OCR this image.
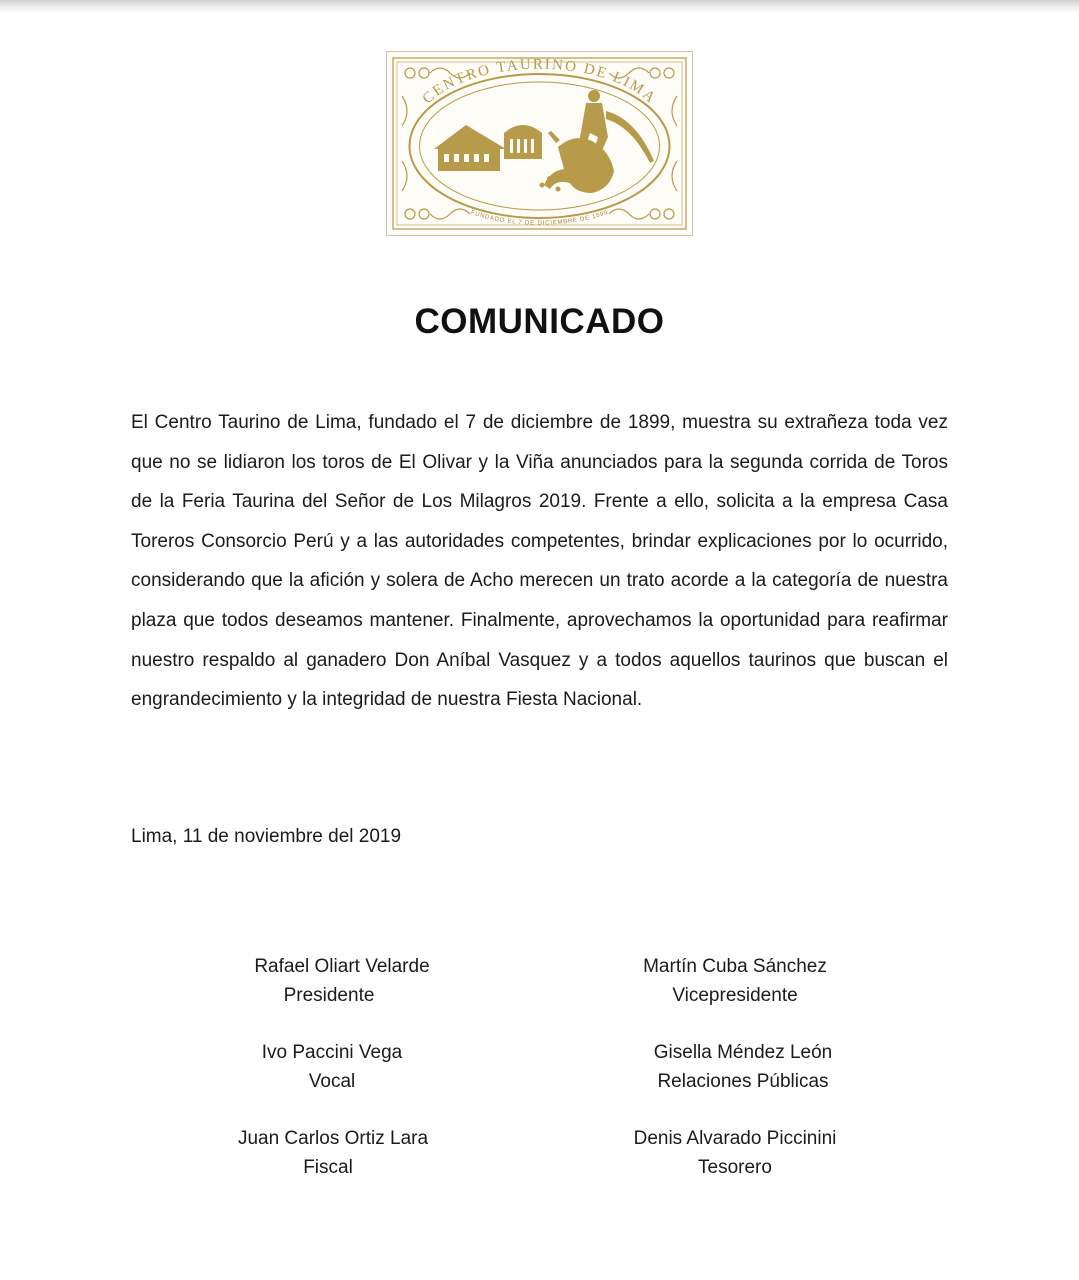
CENTRO TAURINO DE LIMA
FUNDADO EL 7 DE DICIEMBRE DE 1899
COMUNICADO

El Centro Taurino de Lima, fundado el 7 de diciembre de 1899, muestra su extrañeza toda vez que no se lidiaron los toros de El Olivar y la Viña anunciados para la segunda corrida de Toros de la Feria Taurina del Señor de Los Milagros 2019. Frente a ello, solicita a la empresa Casa Toreros Consorcio Perú y a las autoridades competentes, brindar explicaciones por lo ocurrido, considerando que la afición y solera de Acho merecen un trato acorde a la categoría de nuestra plaza que todos deseamos mantener. Finalmente, aprovechamos la oportunidad para reafirmar nuestro respaldo al ganadero Don Aníbal Vasquez y a todos aquellos taurinos que buscan el engrandecimiento y la integridad de nuestra Fiesta Nacional.

Lima, 11 de noviembre del 2019
Rafael Oliart Velarde
Presidente
Martín Cuba Sánchez
Vicepresidente
Ivo Paccini Vega
Vocal
Gisella Méndez León
Relaciones Públicas
Juan Carlos Ortiz Lara
Fiscal
Denis Alvarado Piccinini
Tesorero
